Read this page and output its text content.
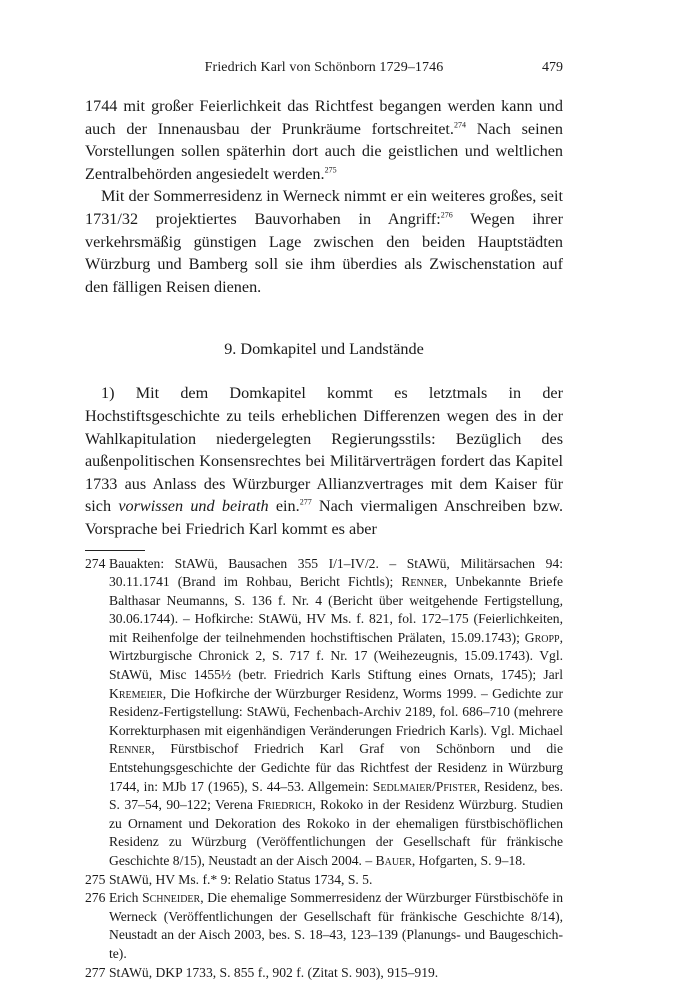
Friedrich Karl von Schönborn 1729–1746	479

1744 mit großer Feierlichkeit das Richtfest begangen werden kann und auch der Innenausbau der Prunkräume fortschreitet.$^{274}$ Nach seinen Vorstellungen sollen späterhin dort auch die geistlichen und weltlichen Zentralbehörden angesiedelt werden.$^{275}$

Mit der Sommerresidenz in Werneck nimmt er ein weiteres großes, seit 1731/32 projektiertes Bauvorhaben in Angriff:$^{276}$ Wegen ihrer verkehrsmäßig günstigen Lage zwischen den beiden Hauptstädten Würzburg und Bamberg soll sie ihm überdies als Zwischenstation auf den fälligen Reisen dienen.

9. Domkapitel und Landstände

1) Mit dem Domkapitel kommt es letztmals in der Hochstiftsgeschichte zu teils erheblichen Differenzen wegen des in der Wahlkapitulation niedergelegten Regierungsstils: Bezüglich des außenpolitischen Konsensrechtes bei Militärverträgen fordert das Kapitel 1733 aus Anlass des Würzburger Allianzvertrages mit dem Kaiser für sich vorwissen und beirath ein.$^{277}$ Nach viermaligen Anschreiben bzw. Vorsprache bei Friedrich Karl kommt es aber

274 Bauakten: StAWü, Bausachen 355 I/1–IV/2. – StAWü, Militärsachen 94: 30.11.1741 (Brand im Rohbau, Bericht Fichtls); Renner, Unbekannte Briefe Balthasar Neumanns, S. 136 f. Nr. 4 (Bericht über weitgehende Fertigstellung, 30.06.1744). – Hofkirche: StAWü, HV Ms. f. 821, fol. 172–175 (Feierlichkeiten, mit Reihenfolge der teilnehmenden hochstiftischen Prälaten, 15.09.1743); Gropp, Wirtzburgische Chronick 2, S. 717 f. Nr. 17 (Weihezeugnis, 15.09.1743). Vgl. StAWü, Misc 1455½ (betr. Friedrich Karls Stiftung eines Ornats, 1745); Jarl Kremeier, Die Hofkirche der Würzburger Residenz, Worms 1999. – Gedichte zur Residenz-Fertigstellung: StAWü, Fechenbach-Archiv 2189, fol. 686–710 (mehrere Korrekturphasen mit eigenhändigen Veränderungen Friedrich Karls). Vgl. Michael Renner, Fürstbischof Friedrich Karl Graf von Schönborn und die Entstehungsgeschichte der Gedichte für das Richtfest der Residenz in Würzburg 1744, in: MJb 17 (1965), S. 44–53. Allgemein: Sedlmaier/Pfister, Residenz, bes. S. 37–54, 90–122; Verena Friedrich, Rokoko in der Residenz Würzburg. Studien zu Ornament und Dekoration des Rokoko in der ehemaligen fürstbischöflichen Residenz zu Würzburg (Veröffentlichungen der Gesellschaft für fränkische Geschichte 8/15), Neustadt an der Aisch 2004. – Bauer, Hofgarten, S. 9–18.
275 StAWü, HV Ms. f.* 9: Relatio Status 1734, S. 5.
276 Erich Schneider, Die ehemalige Sommerresidenz der Würzburger Fürstbischöfe in Werneck (Veröffentlichungen der Gesellschaft für fränkische Geschichte 8/14), Neustadt an der Aisch 2003, bes. S. 18–43, 123–139 (Planungs- und Baugeschichte).
277 StAWü, DKP 1733, S. 855 f., 902 f. (Zitat S. 903), 915–919.
